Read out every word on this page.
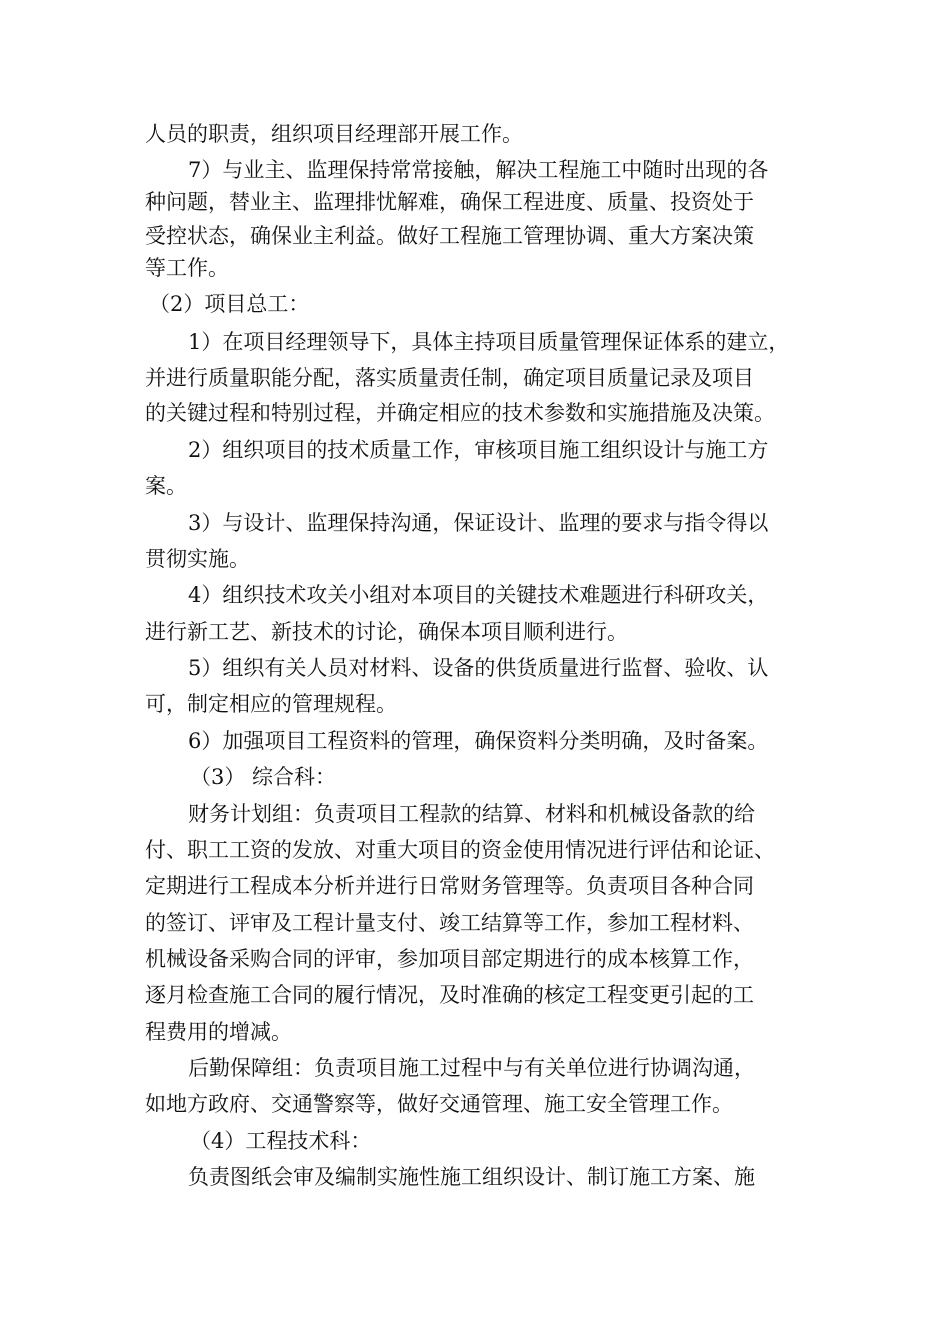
人员的职责，组织项目经理部开展工作。
7）与业主、监理保持常常接触，解决工程施工中随时出现的各
种问题，替业主、监理排忧解难，确保工程进度、质量、投资处于
受控状态，确保业主利益。做好工程施工管理协调、重大方案决策
等工作。
（2）项目总工：
1）在项目经理领导下，具体主持项目质量管理保证体系的建立，
并进行质量职能分配，落实质量责任制，确定项目质量记录及项目
的关键过程和特别过程，并确定相应的技术参数和实施措施及决策。
2）组织项目的技术质量工作，审核项目施工组织设计与施工方
案。
3）与设计、监理保持沟通，保证设计、监理的要求与指令得以
贯彻实施。
4）组织技术攻关小组对本项目的关键技术难题进行科研攻关，
进行新工艺、新技术的讨论，确保本项目顺利进行。
5）组织有关人员对材料、设备的供货质量进行监督、验收、认
可，制定相应的管理规程。
6）加强项目工程资料的管理，确保资料分类明确，及时备案。
（3） 综合科：
财务计划组：负责项目工程款的结算、材料和机械设备款的给
付、职工工资的发放、对重大项目的资金使用情况进行评估和论证、
定期进行工程成本分析并进行日常财务管理等。负责项目各种合同
的签订、评审及工程计量支付、竣工结算等工作，参加工程材料、
机械设备采购合同的评审，参加项目部定期进行的成本核算工作，
逐月检查施工合同的履行情况，及时准确的核定工程变更引起的工
程费用的增减。
后勤保障组：负责项目施工过程中与有关单位进行协调沟通，
如地方政府、交通警察等，做好交通管理、施工安全管理工作。
（4）工程技术科：
负责图纸会审及编制实施性施工组织设计、制订施工方案、施
